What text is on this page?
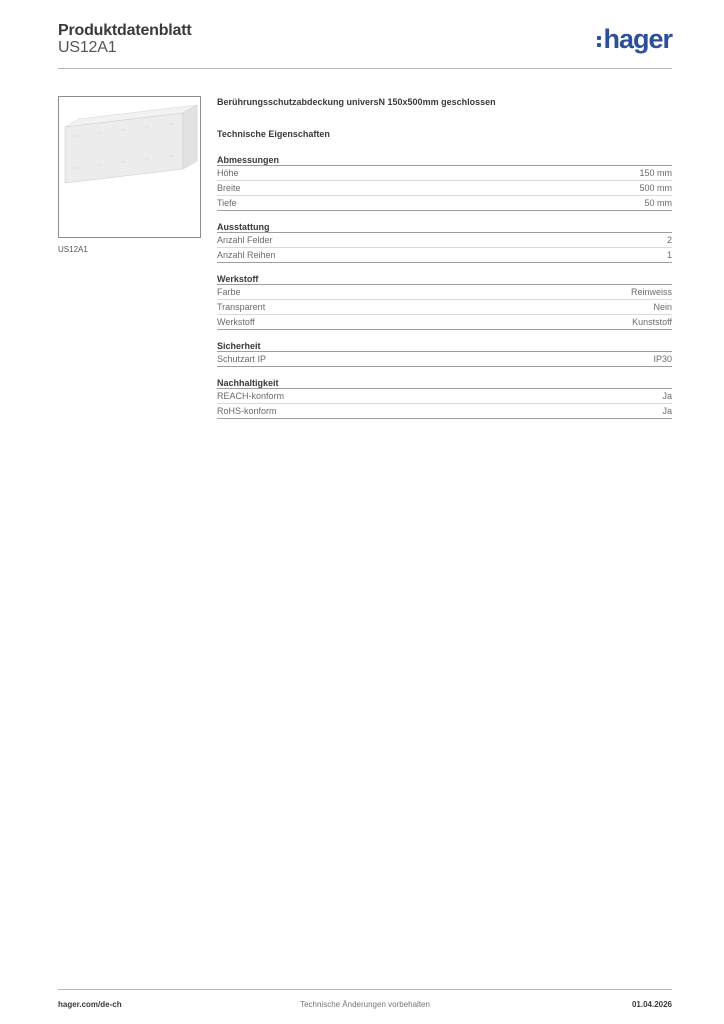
Produktdatenblatt
US12A1	hager
US12A1
Berührungsschutzabdeckung universN 150x500mm geschlossen
Technische Eigenschaften
Abmessungen
Höhe	150 mm
Breite	500 mm
Tiefe	50 mm
Ausstattung
Anzahl Felder	2
Anzahl Reihen	1
Werkstoff
Farbe	Reinweiss
Transparent	Nein
Werkstoff	Kunststoff
Sicherheit
Schutzart IP	IP30
Nachhaltigkeit
REACH-konform	Ja
RoHS-konform	Ja
hager.com/de-ch	Technische Änderungen vorbehalten	01.04.2026
